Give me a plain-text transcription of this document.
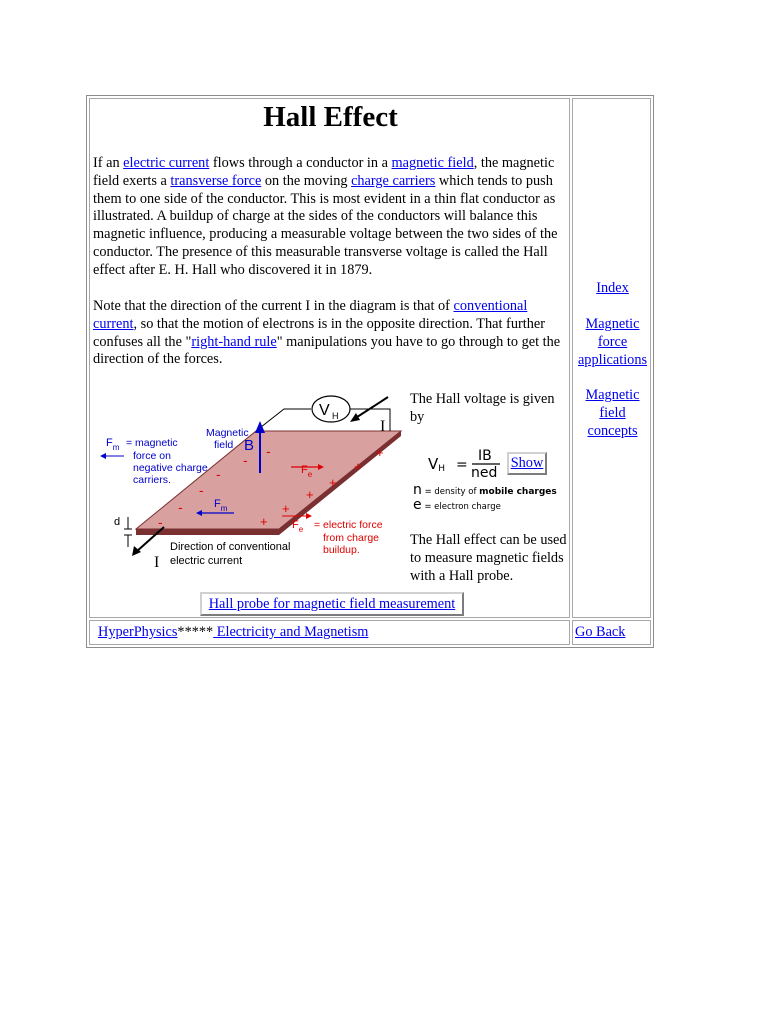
Hall Effect

If an electric current flows through a conductor in a magnetic field, the magnetic field exerts a transverse force on the moving charge carriers which tends to push them to one side of the conductor. This is most evident in a thin flat conductor as illustrated. A buildup of charge at the sides of the conductors will balance this magnetic influence, producing a measurable voltage between the two sides of the conductor. The presence of this measurable transverse voltage is called the Hall effect after E. H. Hall who discovered it in 1879.

Note that the direction of the current I in the diagram is that of conventional current, so that the motion of electrons is in the opposite direction. That further confuses all the "right-hand rule" manipulations you have to go through to get the direction of the forces.

V H
I
I
$F_m$ = magnetic
force on
negative charge
carriers.
Magnetic
field B
$F_m$
$F_e$
$F_e$ = electric force
from charge
buildup.
-
-
-
-
-
-
+
+
+
+
+
+
d
Direction of conventional
electric current

The Hall voltage is given by

VH =
IB
ned
n = density of mobile charges
e = electron charge
Show

The Hall effect can be used to measure magnetic fields with a Hall probe.

Hall probe for magnetic field measurement
Index
Magnetic
force
applications
Magnetic
field
concepts
HyperPhysics***** Electricity and Magnetism	Go Back
